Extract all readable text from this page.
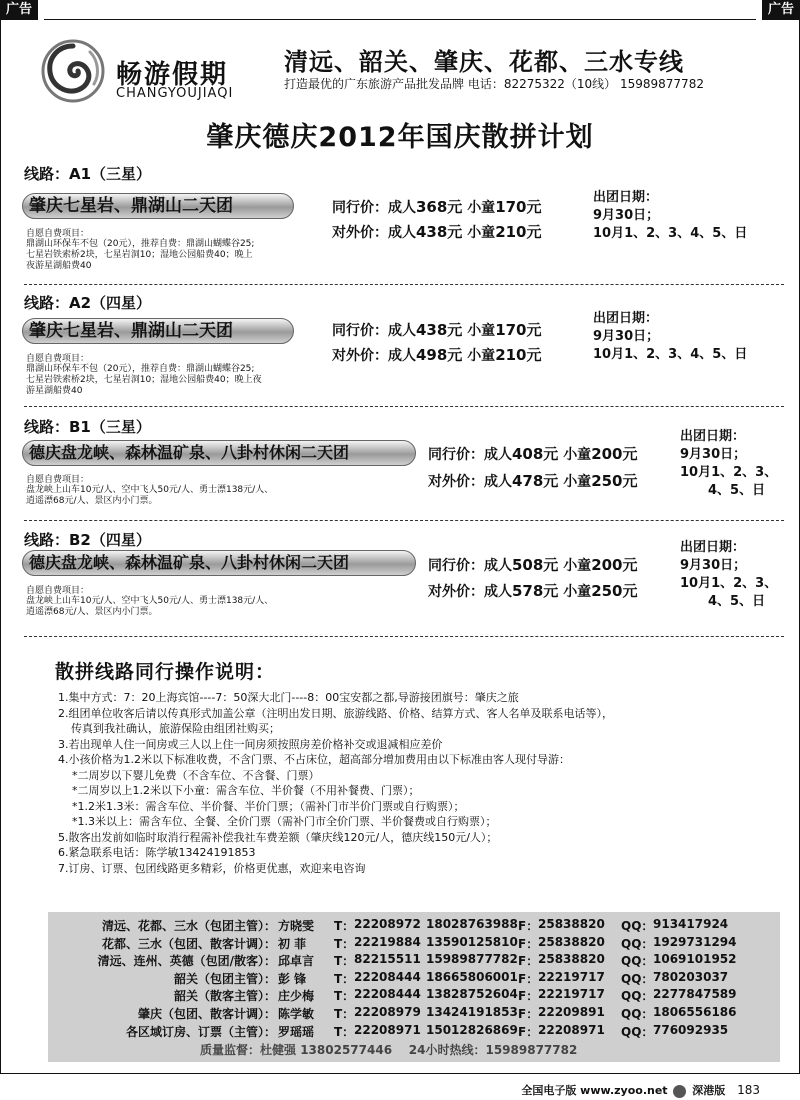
广告	广告
畅游假期
CHANGYOUJIAQI
清远、韶关、肇庆、花都、三水专线
打造最优的广东旅游产品批发品牌 电话：82275322（10线） 15989877782
肇庆德庆2012年国庆散拼计划
线路：A1（三星）
肇庆七星岩、鼎湖山二天团
自愿自费项目：
鼎湖山环保车不包（20元），推荐自费：鼎湖山蝴蝶谷25;
七星岩铁索桥2块，七星岩洞10；湿地公园船费40；晚上
夜游星湖船费40
同行价：成人368元 小童170元
对外价：成人438元 小童210元
出团日期：
9月30日；
10月1、2、3、4、5、日
线路：A2（四星）
肇庆七星岩、鼎湖山二天团
自愿自费项目：
鼎湖山环保车不包（20元），推荐自费：鼎湖山蝴蝶谷25;
七星岩铁索桥2块，七星岩洞10；湿地公园船费40；晚上夜
游星湖船费40
同行价：成人438元 小童170元
对外价：成人498元 小童210元
出团日期：
9月30日；
10月1、2、3、4、5、日
线路：B1（三星）
德庆盘龙峡、森林温矿泉、八卦村休闲二天团
自愿自费项目：
盘龙峡上山车10元/人、空中飞人50元/人、勇士漂138元/人、
逍遥漂68元/人、景区内小门票。
同行价：成人408元 小童200元
对外价：成人478元 小童250元
出团日期：
9月30日；
10月1、2、3、
4、5、日
线路：B2（四星）
德庆盘龙峡、森林温矿泉、八卦村休闲二天团
自愿自费项目：
盘龙峡上山车10元/人、空中飞人50元/人、勇士漂138元/人、
逍遥漂68元/人、景区内小门票。
同行价：成人508元 小童200元
对外价：成人578元 小童250元
出团日期：
9月30日；
10月1、2、3、
4、5、日
散拼线路同行操作说明：
1.集中方式：7：20上海宾馆----7：50深大北门----8：00宝安都之都,导游接团旗号：肇庆之旅
2.组团单位收客后请以传真形式加盖公章（注明出发日期、旅游线路、价格、结算方式、客人名单及联系电话等），
传真到我社确认，旅游保险由组团社购买；
3.若出现单人住一间房或三人以上住一间房须按照房差价格补交或退减相应差价
4.小孩价格为1.2米以下标准收费，不含门票、不占床位，超高部分增加费用由以下标准由客人现付导游：
*二周岁以下婴儿免费（不含车位、不含餐、门票）
*二周岁以上1.2米以下小童：需含车位、半价餐（不用补餐费、门票）；
*1.2米1.3米：需含车位、半价餐、半价门票；（需补门市半价门票或自行购票）；
*1.3米以上：需含车位、全餐、全价门票（需补门市全价门票、半价餐费或自行购票）；
5.散客出发前如临时取消行程需补偿我社车费差额（肇庆线120元/人，德庆线150元/人）；
6.紧急联系电话：陈学敏13424191853
7.订房、订票、包团线路更多精彩，价格更优惠，欢迎来电咨询
清远、花都、三水（包团主管）： 方晓雯 T： 22208972 18028763988 F： 25838820 QQ： 913417924
花都、三水（包团、散客计调）： 初 菲 T： 22219884 13590125810 F： 25838820 QQ： 1929731294
清远、连州、英德（包团/散客）： 邱卓言 T： 82215511 15989877782 F： 25838820 QQ： 1069101952
韶关（包团主管）： 彭 锋 T： 22208444 18665806001 F： 22219717 QQ： 780203037
韶关（散客主管）： 庄少梅 T： 22208444 13828752604 F： 22219717 QQ： 2277847589
肇庆（包团、散客计调）： 陈学敏 T： 22208979 13424191853 F： 22209891 QQ： 1806556186
各区域订房、订票（主管）： 罗瑶瑶 T： 22208971 15012826869 F： 22208971 QQ： 776092935
质量监督：杜健强 13802577446 24小时热线：15989877782
全国电子版 www.zyoo.net 深港版 183
